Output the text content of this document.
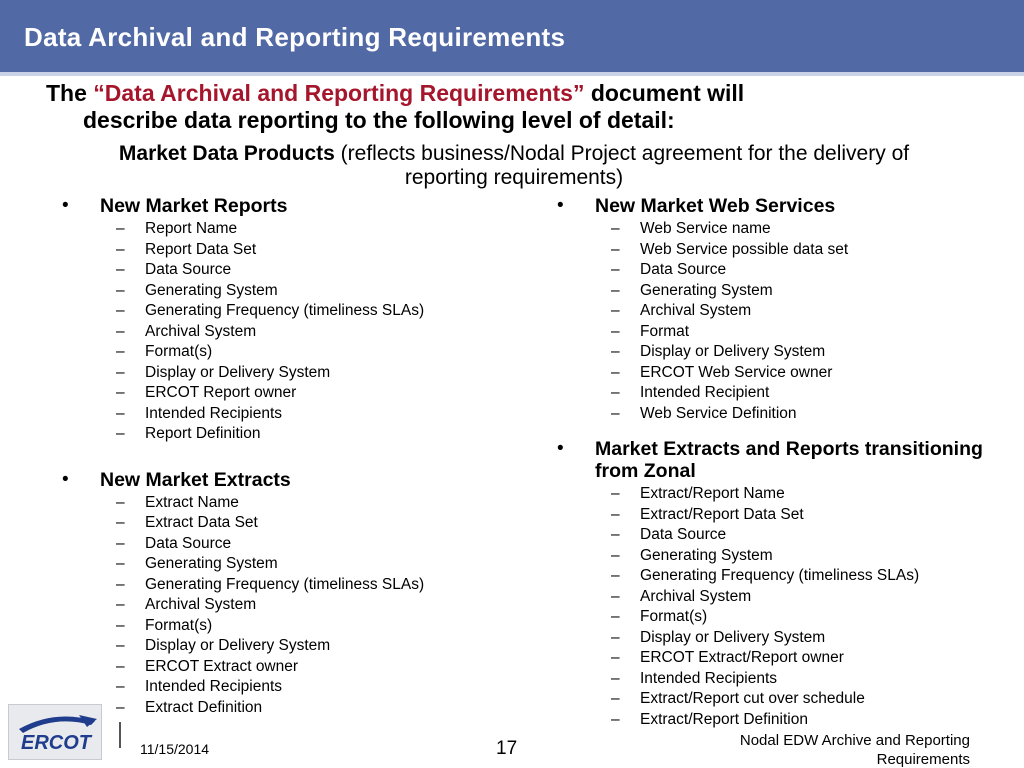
Data Archival and Reporting Requirements
The “Data Archival and Reporting Requirements” document will
describe data reporting to the following level of detail:
Market Data Products (reflects business/Nodal Project agreement for the delivery of reporting requirements)
• New Market Reports
– Report Name
– Report Data Set
– Data Source
– Generating System
– Generating Frequency (timeliness SLAs)
– Archival System
– Format(s)
– Display or Delivery System
– ERCOT Report owner
– Intended Recipients
– Report Definition
• New Market Extracts
– Extract Name
– Extract Data Set
– Data Source
– Generating System
– Generating Frequency (timeliness SLAs)
– Archival System
– Format(s)
– Display or Delivery System
– ERCOT Extract owner
– Intended Recipients
– Extract Definition
• New Market Web Services
– Web Service name
– Web Service possible data set
– Data Source
– Generating System
– Archival System
– Format
– Display or Delivery System
– ERCOT Web Service owner
– Intended Recipient
– Web Service Definition
• Market Extracts and Reports transitioning from Zonal
– Extract/Report Name
– Extract/Report Data Set
– Data Source
– Generating System
– Generating Frequency (timeliness SLAs)
– Archival System
– Format(s)
– Display or Delivery System
– ERCOT Extract/Report owner
– Intended Recipients
– Extract/Report cut over schedule
– Extract/Report Definition
ERCOT	11/15/2014	17	Nodal EDW Archive and Reporting Requirements
